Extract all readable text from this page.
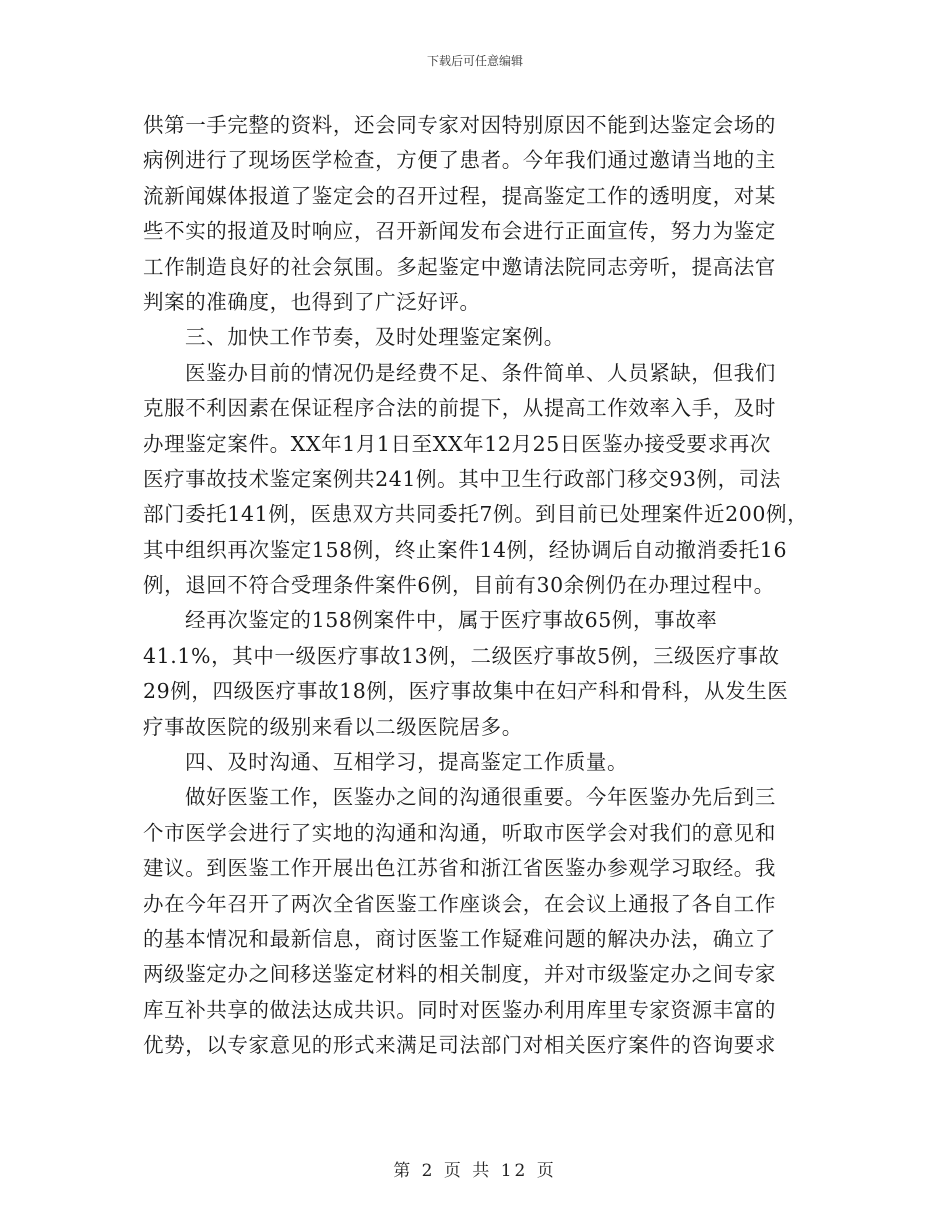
下载后可任意编辑
供第一手完整的资料，还会同专家对因特别原因不能到达鉴定会场的
病例进行了现场医学检查，方便了患者。今年我们通过邀请当地的主
流新闻媒体报道了鉴定会的召开过程，提高鉴定工作的透明度，对某
些不实的报道及时响应，召开新闻发布会进行正面宣传，努力为鉴定
工作制造良好的社会氛围。多起鉴定中邀请法院同志旁听，提高法官
判案的准确度，也得到了广泛好评。
三、加快工作节奏，及时处理鉴定案例。
医鉴办目前的情况仍是经费不足、条件简单、人员紧缺，但我们
克服不利因素在保证程序合法的前提下，从提高工作效率入手，及时
办理鉴定案件。XX年1月1日至XX年12月25日医鉴办接受要求再次
医疗事故技术鉴定案例共241例。其中卫生行政部门移交93例，司法
部门委托141例，医患双方共同委托7例。到目前已处理案件近200例，
其中组织再次鉴定158例，终止案件14例，经协调后自动撤消委托16
例，退回不符合受理条件案件6例，目前有30余例仍在办理过程中。
经再次鉴定的158例案件中，属于医疗事故65例，事故率
41.1%，其中一级医疗事故13例，二级医疗事故5例，三级医疗事故
29例，四级医疗事故18例，医疗事故集中在妇产科和骨科，从发生医
疗事故医院的级别来看以二级医院居多。
四、及时沟通、互相学习，提高鉴定工作质量。
做好医鉴工作，医鉴办之间的沟通很重要。今年医鉴办先后到三
个市医学会进行了实地的沟通和沟通，听取市医学会对我们的意见和
建议。到医鉴工作开展出色江苏省和浙江省医鉴办参观学习取经。我
办在今年召开了两次全省医鉴工作座谈会，在会议上通报了各自工作
的基本情况和最新信息，商讨医鉴工作疑难问题的解决办法，确立了
两级鉴定办之间移送鉴定材料的相关制度，并对市级鉴定办之间专家
库互补共享的做法达成共识。同时对医鉴办利用库里专家资源丰富的
优势，以专家意见的形式来满足司法部门对相关医疗案件的咨询要求
第 2 页 共 12 页
